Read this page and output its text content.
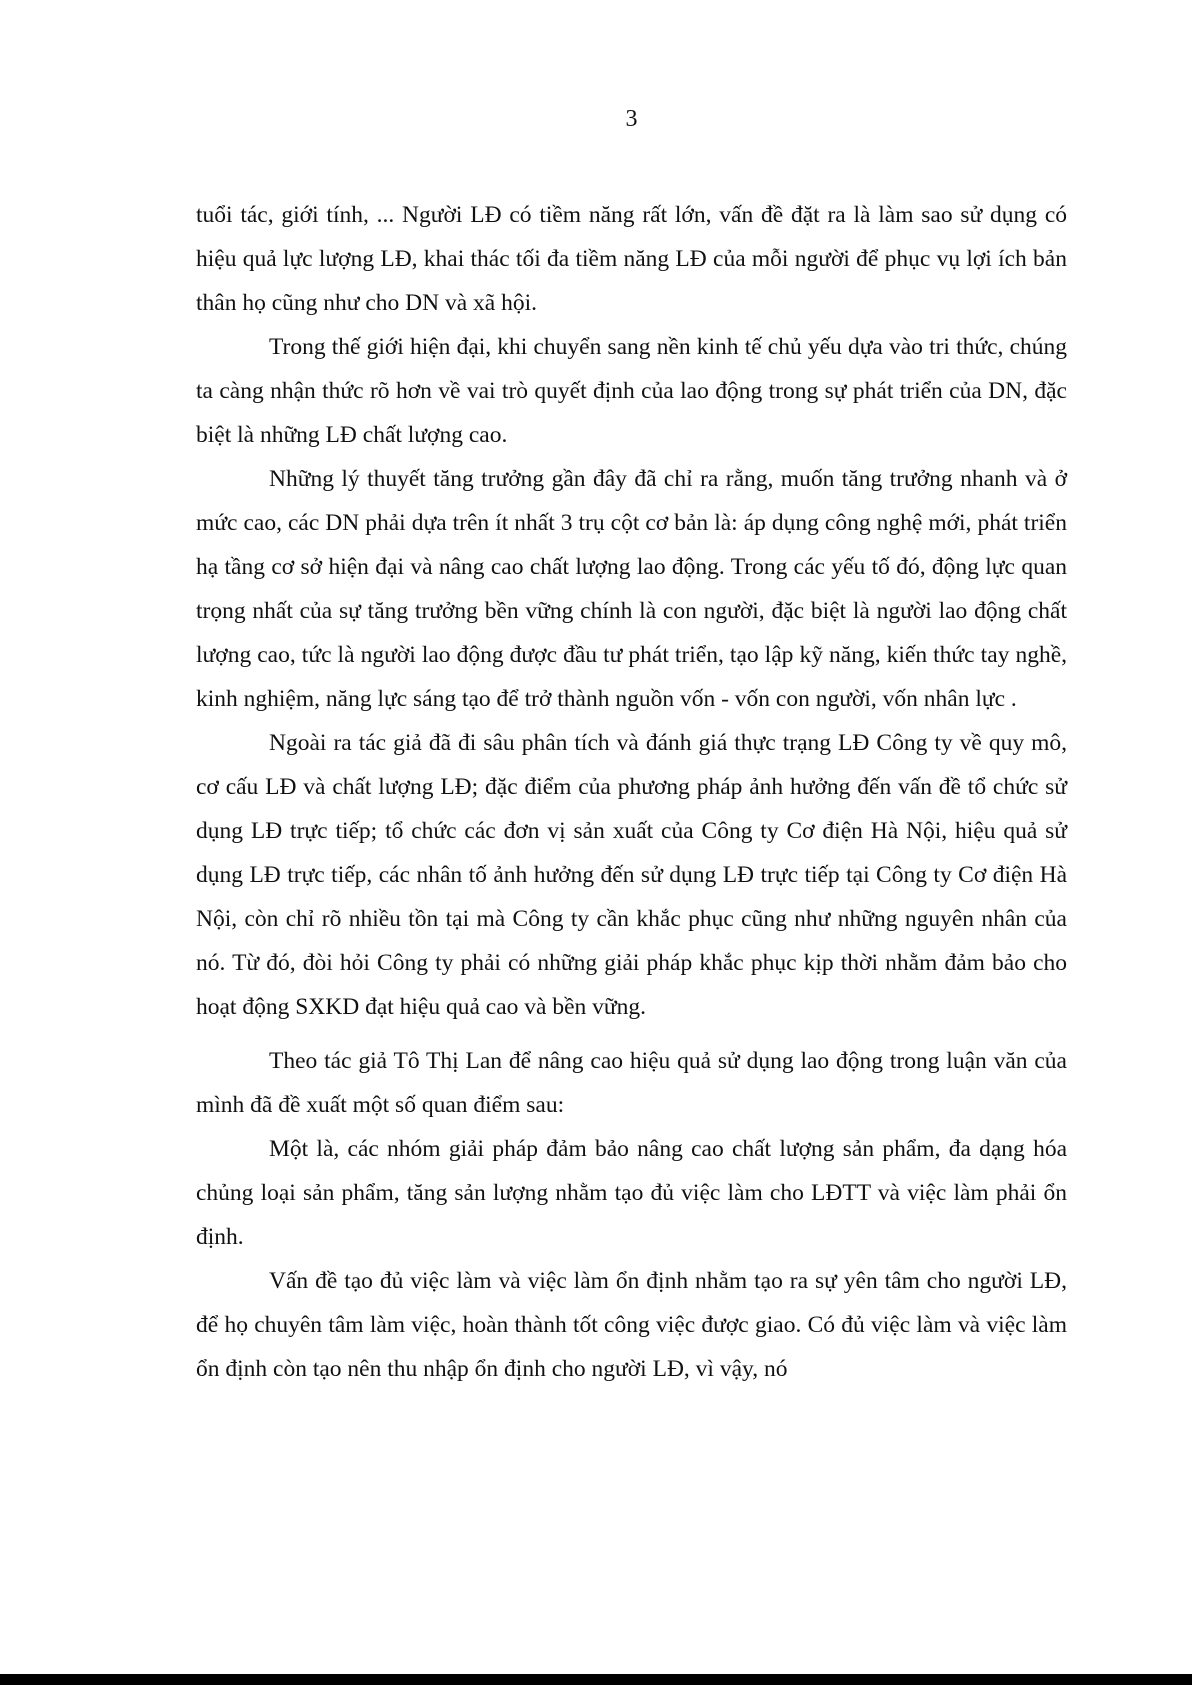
3

tuổi tác, giới tính, ... Người LĐ có tiềm năng rất lớn, vấn đề đặt ra là làm sao sử dụng có hiệu quả lực lượng LĐ, khai thác tối đa tiềm năng LĐ của mỗi người để phục vụ lợi ích bản thân họ cũng như cho DN và xã hội.

Trong thế giới hiện đại, khi chuyển sang nền kinh tế chủ yếu dựa vào tri thức, chúng ta càng nhận thức rõ hơn về vai trò quyết định của lao động trong sự phát triển của DN, đặc biệt là những LĐ chất lượng cao.

Những lý thuyết tăng trưởng gần đây đã chỉ ra rằng, muốn tăng trưởng nhanh và ở mức cao, các DN phải dựa trên ít nhất 3 trụ cột cơ bản là: áp dụng công nghệ mới, phát triển hạ tầng cơ sở hiện đại và nâng cao chất lượng lao động. Trong các yếu tố đó, động lực quan trọng nhất của sự tăng trưởng bền vững chính là con người, đặc biệt là người lao động chất lượng cao, tức là người lao động được đầu tư phát triển, tạo lập kỹ năng, kiến thức tay nghề, kinh nghiệm, năng lực sáng tạo để trở thành nguồn vốn - vốn con người, vốn nhân lực .

Ngoài ra tác giả đã đi sâu phân tích và đánh giá thực trạng LĐ Công ty về quy mô, cơ cấu LĐ và chất lượng LĐ; đặc điểm của phương pháp ảnh hưởng đến vấn đề tổ chức sử dụng LĐ trực tiếp; tổ chức các đơn vị sản xuất của Công ty Cơ điện Hà Nội, hiệu quả sử dụng LĐ trực tiếp, các nhân tố ảnh hưởng đến sử dụng LĐ trực tiếp tại Công ty Cơ điện Hà Nội, còn chỉ rõ nhiều tồn tại mà Công ty cần khắc phục cũng như những nguyên nhân của nó. Từ đó, đòi hỏi Công ty phải có những giải pháp khắc phục kịp thời nhằm đảm bảo cho hoạt động SXKD đạt hiệu quả cao và bền vững.

Theo tác giả Tô Thị Lan để nâng cao hiệu quả sử dụng lao động trong luận văn của mình đã đề xuất một số quan điểm sau:

Một là, các nhóm giải pháp đảm bảo nâng cao chất lượng sản phẩm, đa dạng hóa chủng loại sản phẩm, tăng sản lượng nhằm tạo đủ việc làm cho LĐTT và việc làm phải ổn định.

Vấn đề tạo đủ việc làm và việc làm ổn định nhằm tạo ra sự yên tâm cho người LĐ, để họ chuyên tâm làm việc, hoàn thành tốt công việc được giao. Có đủ việc làm và việc làm ổn định còn tạo nên thu nhập ổn định cho người LĐ, vì vậy, nó
